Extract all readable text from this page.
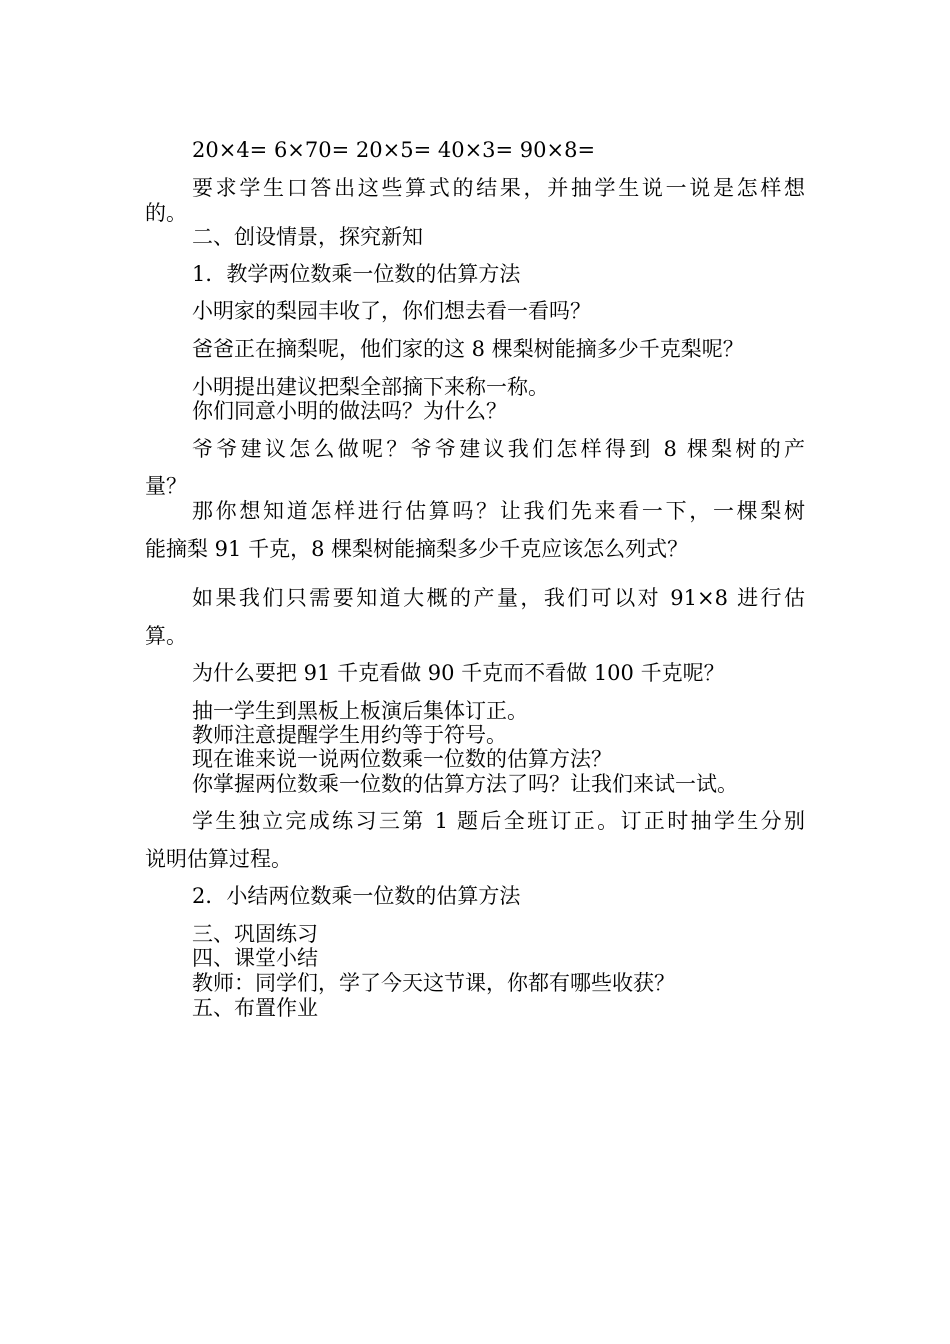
20×4= 6×70= 20×5= 40×3= 90×8=
要求学生口答出这些算式的结果，并抽学生说一说是怎样想
的。
二、创设情景，探究新知
1．教学两位数乘一位数的估算方法
小明家的梨园丰收了，你们想去看一看吗？
爸爸正在摘梨呢，他们家的这 8 棵梨树能摘多少千克梨呢？
小明提出建议把梨全部摘下来称一称。
你们同意小明的做法吗？为什么？
爷爷建议怎么做呢？爷爷建议我们怎样得到 8 棵梨树的产
量？
那你想知道怎样进行估算吗？让我们先来看一下，一棵梨树
能摘梨 91 千克，8 棵梨树能摘梨多少千克应该怎么列式？
如果我们只需要知道大概的产量，我们可以对 91×8 进行估
算。
为什么要把 91 千克看做 90 千克而不看做 100 千克呢？
抽一学生到黑板上板演后集体订正。
教师注意提醒学生用约等于符号。
现在谁来说一说两位数乘一位数的估算方法？
你掌握两位数乘一位数的估算方法了吗？让我们来试一试。
学生独立完成练习三第 1 题后全班订正。订正时抽学生分别
说明估算过程。
2．小结两位数乘一位数的估算方法
三、巩固练习
四、课堂小结
教师：同学们，学了今天这节课，你都有哪些收获？
五、布置作业
